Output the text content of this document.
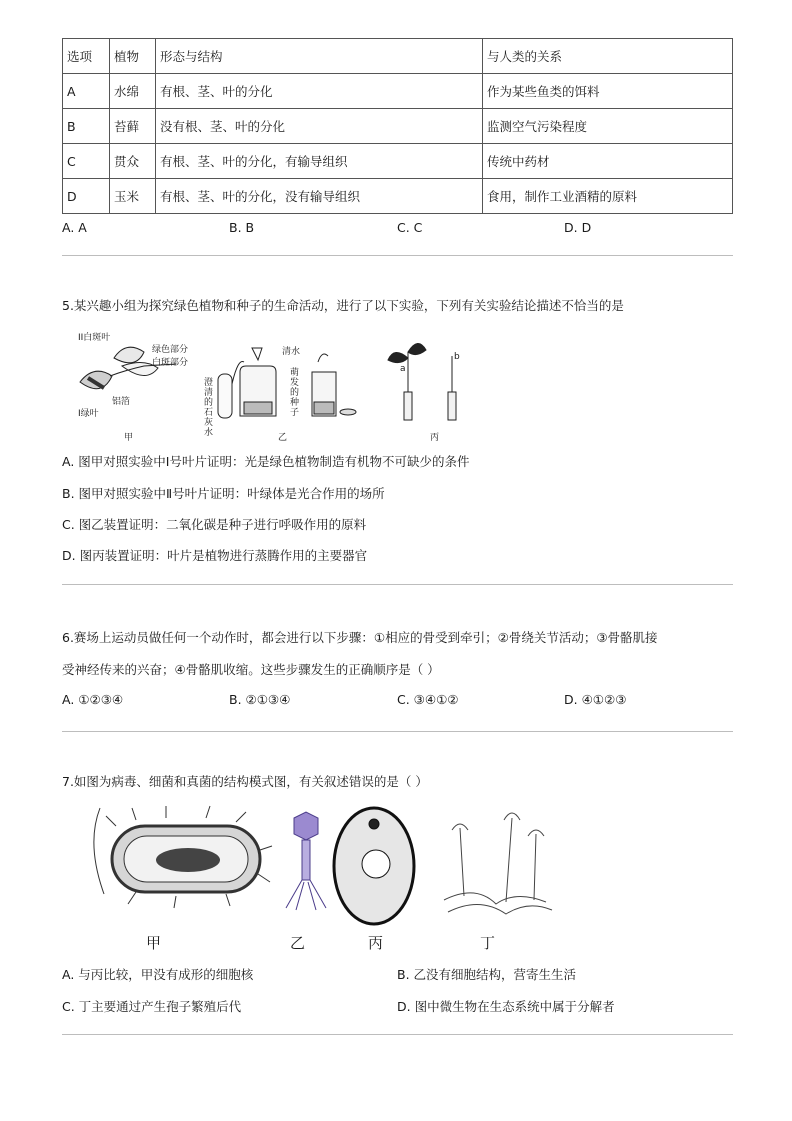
选项	植物	形态与结构	与人类的关系
A	水绵	有根、茎、叶的分化	作为某些鱼类的饵料
B	苔藓	没有根、茎、叶的分化	监测空气污染程度
C	贯众	有根、茎、叶的分化，有输导组织	传统中药材
D	玉米	有根、茎、叶的分化，没有输导组织	食用，制作工业酒精的原料
A. A	B. B	C. C	D. D
5.某兴趣小组为探究绿色植物和种子的生命活动，进行了以下实验，下列有关实验结论描述不恰当的是
II白斑叶
绿色部分
白斑部分
铝箔
I绿叶
清水
澄清的石灰水
萌发的种子
a
b
甲	乙	丙
A. 图甲对照实验中I号叶片证明：光是绿色植物制造有机物不可缺少的条件
B. 图甲对照实验中Ⅱ号叶片证明：叶绿体是光合作用的场所
C. 图乙装置证明：二氧化碳是种子进行呼吸作用的原料
D. 图丙装置证明：叶片是植物进行蒸腾作用的主要器官
6.赛场上运动员做任何一个动作时，都会进行以下步骤：①相应的骨受到牵引；②骨绕关节活动；③骨骼肌接
受神经传来的兴奋；④骨骼肌收缩。这些步骤发生的正确顺序是（ ）
A. ①②③④	B. ②①③④	C. ③④①②	D. ④①②③
7.如图为病毒、细菌和真菌的结构模式图，有关叙述错误的是（ ）
甲	乙	丙	丁
A. 与丙比较，甲没有成形的细胞核	B. 乙没有细胞结构，营寄生生活
C. 丁主要通过产生孢子繁殖后代	D. 图中微生物在生态系统中属于分解者
